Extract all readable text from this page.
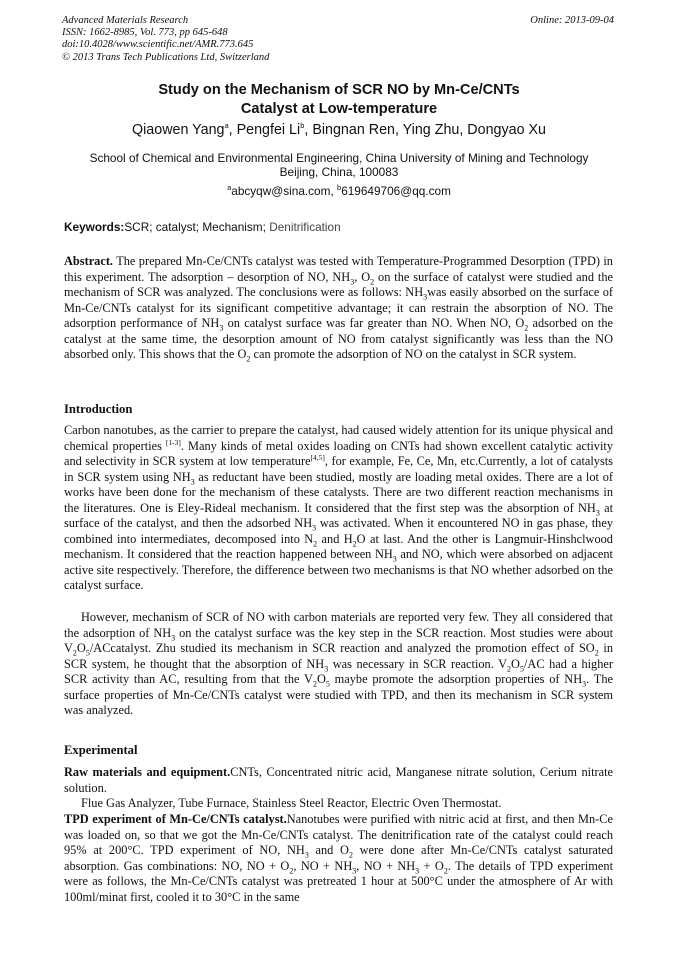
Advanced Materials Research
ISSN: 1662-8985, Vol. 773, pp 645-648
doi:10.4028/www.scientific.net/AMR.773.645
© 2013 Trans Tech Publications Ltd, Switzerland
Online: 2013-09-04
Study on the Mechanism of SCR NO by Mn-Ce/CNTs
Catalyst at Low-temperature
Qiaowen Yang$^a$, Pengfei Li$^b$, Bingnan Ren, Ying Zhu, Dongyao Xu
School of Chemical and Environmental Engineering, China University of Mining and Technology
Beijing, China, 100083
$^a$abcyqw@sina.com, $^b$619649706@qq.com
Keywords:SCR; catalyst; Mechanism; Denitrification
Abstract. The prepared Mn-Ce/CNTs catalyst was tested with Temperature-Programmed Desorption (TPD) in this experiment. The adsorption – desorption of NO, $NH_3$, $O_2$ on the surface of catalyst were studied and the mechanism of SCR was analyzed. The conclusions were as follows: $NH_3was$ easily absorbed on the surface of Mn-Ce/CNTs catalyst for its significant competitive advantage; it can restrain the absorption of NO. The adsorption performance of $NH_3$ on catalyst surface was far greater than NO. When NO, $O_2$ adsorbed on the catalyst at the same time, the desorption amount of NO from catalyst significantly was less than the NO absorbed only. This shows that the $O_2$ can promote the adsorption of NO on the catalyst in SCR system.
Introduction
Carbon nanotubes, as the carrier to prepare the catalyst, had caused widely attention for its unique physical and chemical properties [1-3]. Many kinds of metal oxides loading on CNTs had shown excellent catalytic activity and selectivity in SCR system at low temperature[4,5], for example, Fe, Ce, Mn, etc.Currently, a lot of catalysts in SCR system using $NH_3$ as reductant have been studied, mostly are loading metal oxides. There are a lot of works have been done for the mechanism of these catalysts. There are two different reaction mechanisms in the literatures. One is Eley-Rideal mechanism. It considered that the first step was the absorption of $NH_3$ at surface of the catalyst, and then the adsorbed $NH_3$ was activated. When it encountered NO in gas phase, they combined into intermediates, decomposed into $N_2$ and $H_2O$ at last. And the other is Langmuir-Hinshclwood mechanism. It considered that the reaction happened between $NH_3$ and NO, which were absorbed on adjacent active site respectively. Therefore, the difference between two mechanisms is that NO whether adsorbed on the catalyst surface.
However, mechanism of SCR of NO with carbon materials are reported very few. They all considered that the adsorption of $NH_3$ on the catalyst surface was the key step in the SCR reaction. Most studies were about $V_2O_5$/ACcatalyst. Zhu studied its mechanism in SCR reaction and analyzed the promotion effect of $SO_2$ in SCR system, he thought that the absorption of $NH_3$ was necessary in SCR reaction. $V_2O_5/AC$ had a higher SCR activity than AC, resulting from that the $V_2O_5$ maybe promote the adsorption properties of $NH_3$. The surface properties of Mn-Ce/CNTs catalyst were studied with TPD, and then its mechanism in SCR system was analyzed.
Experimental
Raw materials and equipment.CNTs, Concentrated nitric acid, Manganese nitrate solution, Cerium nitrate solution.
Flue Gas Analyzer, Tube Furnace, Stainless Steel Reactor, Electric Oven Thermostat.
TPD experiment of Mn-Ce/CNTs catalyst.Nanotubes were purified with nitric acid at first, and then Mn-Ce was loaded on, so that we got the Mn-Ce/CNTs catalyst. The denitrification rate of the catalyst could reach 95% at 200°C. TPD experiment of NO, $NH_3$ and $O_2$ were done after Mn-Ce/CNTs catalyst saturated absorption. Gas combinations: NO, NO + $O_2$, NO + $NH_3$, NO + $NH_3 + O_2$. The details of TPD experiment were as follows, the Mn-Ce/CNTs catalyst was pretreated 1 hour at 500°C under the atmosphere of Ar with 100ml/minat first, cooled it to 30°C in the same
